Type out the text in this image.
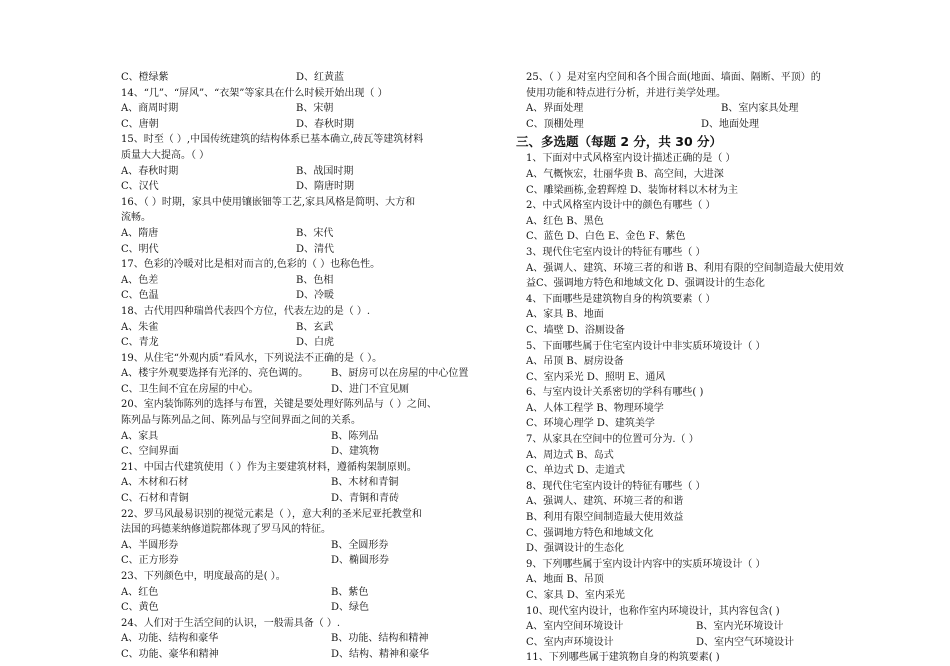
C、橙绿紫	D、红黄蓝
14、“几”、“屏风”、“衣架”等家具在什么时候开始出现（ ）
A、商周时期	B、宋朝
C、唐朝	D、春秋时期
15、时至（ ）,中国传统建筑的结构体系已基本确立,砖瓦等建筑材料
质量大大提高。（ ）
A、春秋时期	B、战国时期
C、汉代	D、隋唐时期
16、（ ）时期，家具中使用镶嵌钿等工艺,家具风格是简明、大方和
流畅。
A、隋唐	B、宋代
C、明代	D、清代
17、色彩的冷暖对比是相对而言的,色彩的（ ）也称色性。
A、色差	B、色相
C、色温	D、冷暖
18、古代用四种瑞兽代表四个方位，代表左边的是（ ）.
A、朱雀	B、玄武
C、青龙	D、白虎
19、从住宅“外观内质”看风水，下列说法不正确的是（ ）。
A、楼宇外观要选择有光泽的、亮色调的。 B、厨房可以在房屋的中心位置
C、卫生间不宜在房屋的中心。	D、进门不宜见厕
20、室内装饰陈列的选择与布置，关键是要处理好陈列品与（ ）之间、
陈列品与陈列品之间、陈列品与空间界面之间的关系。
A、家具	B、陈列品
C、空间界面	D、建筑物
21、中国古代建筑使用（ ）作为主要建筑材料，遵循构架制原则。
A、木材和石材	B、木材和青铜
C、石材和青铜	D、青铜和青砖
22、罗马风最易识别的视觉元素是（ ），意大利的圣米尼亚托教堂和
法国的玛德莱纳修道院都体现了罗马风的特征。
A、半圆形券	B、全圆形券
C、正方形券	D、椭圆形券
23、下列颜色中，明度最高的是( ）。
A、红色	B、紫色
C、黄色	D、绿色
24、人们对于生活空间的认识，一般需具备（ ）.
A、功能、结构和豪华	B、功能、结构和精神
C、功能、豪华和精神	D、结构、精神和豪华
25、（ ）是对室内空间和各个围合面(地面、墙面、隔断、平顶）的
使用功能和特点进行分析，并进行美学处理。
A、界面处理	B、室内家具处理
C、顶棚处理	D、地面处理
三、多选题（每题 2 分，共 30 分）
1、下面对中式风格室内设计描述正确的是（ ）
A、气概恢宏，壮丽华贵 B、高空间，大进深
C、雕梁画栋,金碧辉煌 D、装饰材料以木材为主
2、中式风格室内设计中的颜色有哪些（ ）
A、红色 B、黑色
C、蓝色 D、白色 E、金色 F、紫色
3、现代住宅室内设计的特征有哪些（ ）
A、强调人、建筑、环境三者的和谐 B、利用有限的空间制造最大使用效
益C、强调地方特色和地域文化 D、强调设计的生态化
4、下面哪些是建筑物自身的构筑要素（ ）
A、家具 B、地面
C、墙壁 D、浴厕设备
5、下面哪些属于住宅室内设计中非实质环境设计（ ）
A、吊顶 B、厨房设备
C、室内采光 D、照明 E、通风
6、与室内设计关系密切的学科有哪些( )
A、人体工程学 B、物理环境学
C、环境心理学 D、建筑美学
7、从家具在空间中的位置可分为.（ ）
A、周边式 B、岛式
C、单边式 D、走道式
8、现代住宅室内设计的特征有哪些（ ）
A、强调人、建筑、环境三者的和谐
B、利用有限空间制造最大使用效益
C、强调地方特色和地域文化
D、强调设计的生态化
9、下列哪些属于室内设计内容中的实质环境设计（ ）
A、地面 B、吊顶
C、家具 D、室内采光
10、现代室内设计，也称作室内环境设计，其内容包含( )
A、室内空间环境设计	B、室内光环境设计
C、室内声环境设计	D、室内空气环境设计
11、下列哪些属于建筑物自身的构筑要素( )
